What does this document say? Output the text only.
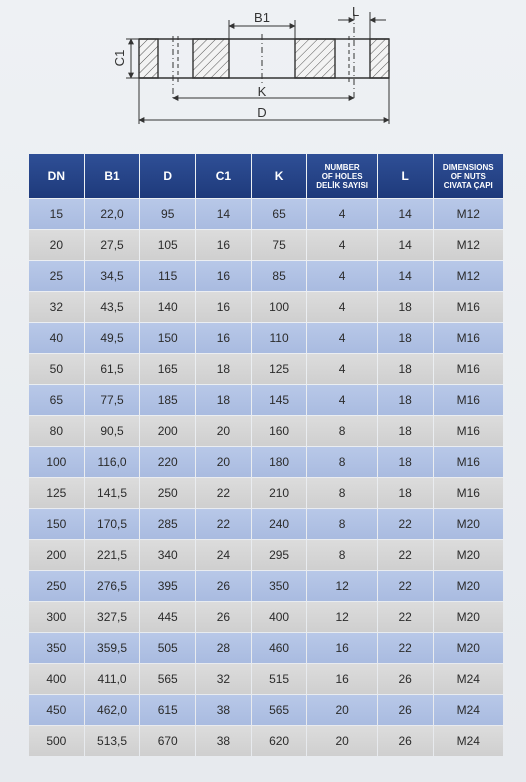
B1	L
C1
K
D
DN	B1	D	C1	K	NUMBER
OF HOLES
DELİK SAYISI	L	DIMENSIONS
OF NUTS
CIVATA ÇAPI
15	22,0	95	14	65	4	14	M12
20	27,5	105	16	75	4	14	M12
25	34,5	115	16	85	4	14	M12
32	43,5	140	16	100	4	18	M16
40	49,5	150	16	110	4	18	M16
50	61,5	165	18	125	4	18	M16
65	77,5	185	18	145	4	18	M16
80	90,5	200	20	160	8	18	M16
100	116,0	220	20	180	8	18	M16
125	141,5	250	22	210	8	18	M16
150	170,5	285	22	240	8	22	M20
200	221,5	340	24	295	8	22	M20
250	276,5	395	26	350	12	22	M20
300	327,5	445	26	400	12	22	M20
350	359,5	505	28	460	16	22	M20
400	411,0	565	32	515	16	26	M24
450	462,0	615	38	565	20	26	M24
500	513,5	670	38	620	20	26	M24
